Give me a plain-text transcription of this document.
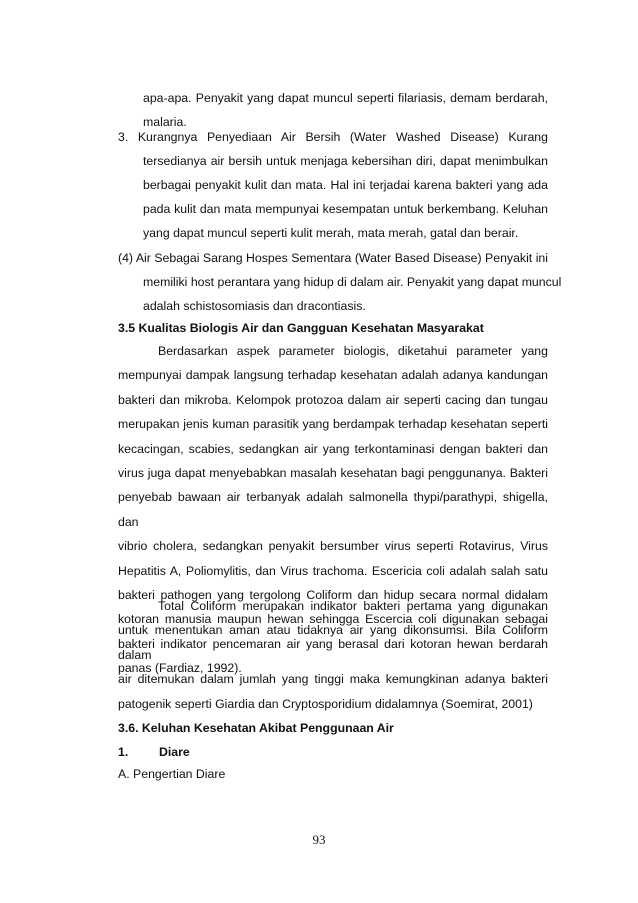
apa-apa. Penyakit yang dapat muncul seperti filariasis, demam berdarah,
malaria.
3. Kurangnya Penyediaan Air Bersih (Water Washed Disease) Kurang
tersedianya air bersih untuk menjaga kebersihan diri, dapat menimbulkan
berbagai penyakit kulit dan mata. Hal ini terjadai karena bakteri yang ada
pada kulit dan mata mempunyai kesempatan untuk berkembang. Keluhan
yang dapat muncul seperti kulit merah, mata merah, gatal dan berair.
(4) Air Sebagai Sarang Hospes Sementara (Water Based Disease) Penyakit ini
memiliki host perantara yang hidup di dalam air. Penyakit yang dapat muncul
adalah schistosomiasis dan dracontiasis.
3.5 Kualitas Biologis Air dan Gangguan Kesehatan Masyarakat
Berdasarkan aspek parameter biologis, diketahui parameter yang
mempunyai dampak langsung terhadap kesehatan adalah adanya kandungan
bakteri dan mikroba. Kelompok protozoa dalam air seperti cacing dan tungau
merupakan jenis kuman parasitik yang berdampak terhadap kesehatan seperti
kecacingan, scabies, sedangkan air yang terkontaminasi dengan bakteri dan
virus juga dapat menyebabkan masalah kesehatan bagi penggunanya. Bakteri
penyebab bawaan air terbanyak adalah salmonella thypi/parathypi, shigella, dan
vibrio cholera, sedangkan penyakit bersumber virus seperti Rotavirus, Virus
Hepatitis A, Poliomylitis, dan Virus trachoma. Escericia coli adalah salah satu
bakteri pathogen yang tergolong Coliform dan hidup secara normal didalam
kotoran manusia maupun hewan sehingga Escercia coli digunakan sebagai
bakteri indikator pencemaran air yang berasal dari kotoran hewan berdarah
panas (Fardiaz, 1992).
Total Coliform merupakan indikator bakteri pertama yang digunakan
untuk menentukan aman atau tidaknya air yang dikonsumsi. Bila Coliform dalam
air ditemukan dalam jumlah yang tinggi maka kemungkinan adanya bakteri
patogenik seperti Giardia dan Cryptosporidium didalamnya (Soemirat, 2001)
3.6. Keluhan Kesehatan Akibat Penggunaan Air
1. Diare
A. Pengertian Diare
93
